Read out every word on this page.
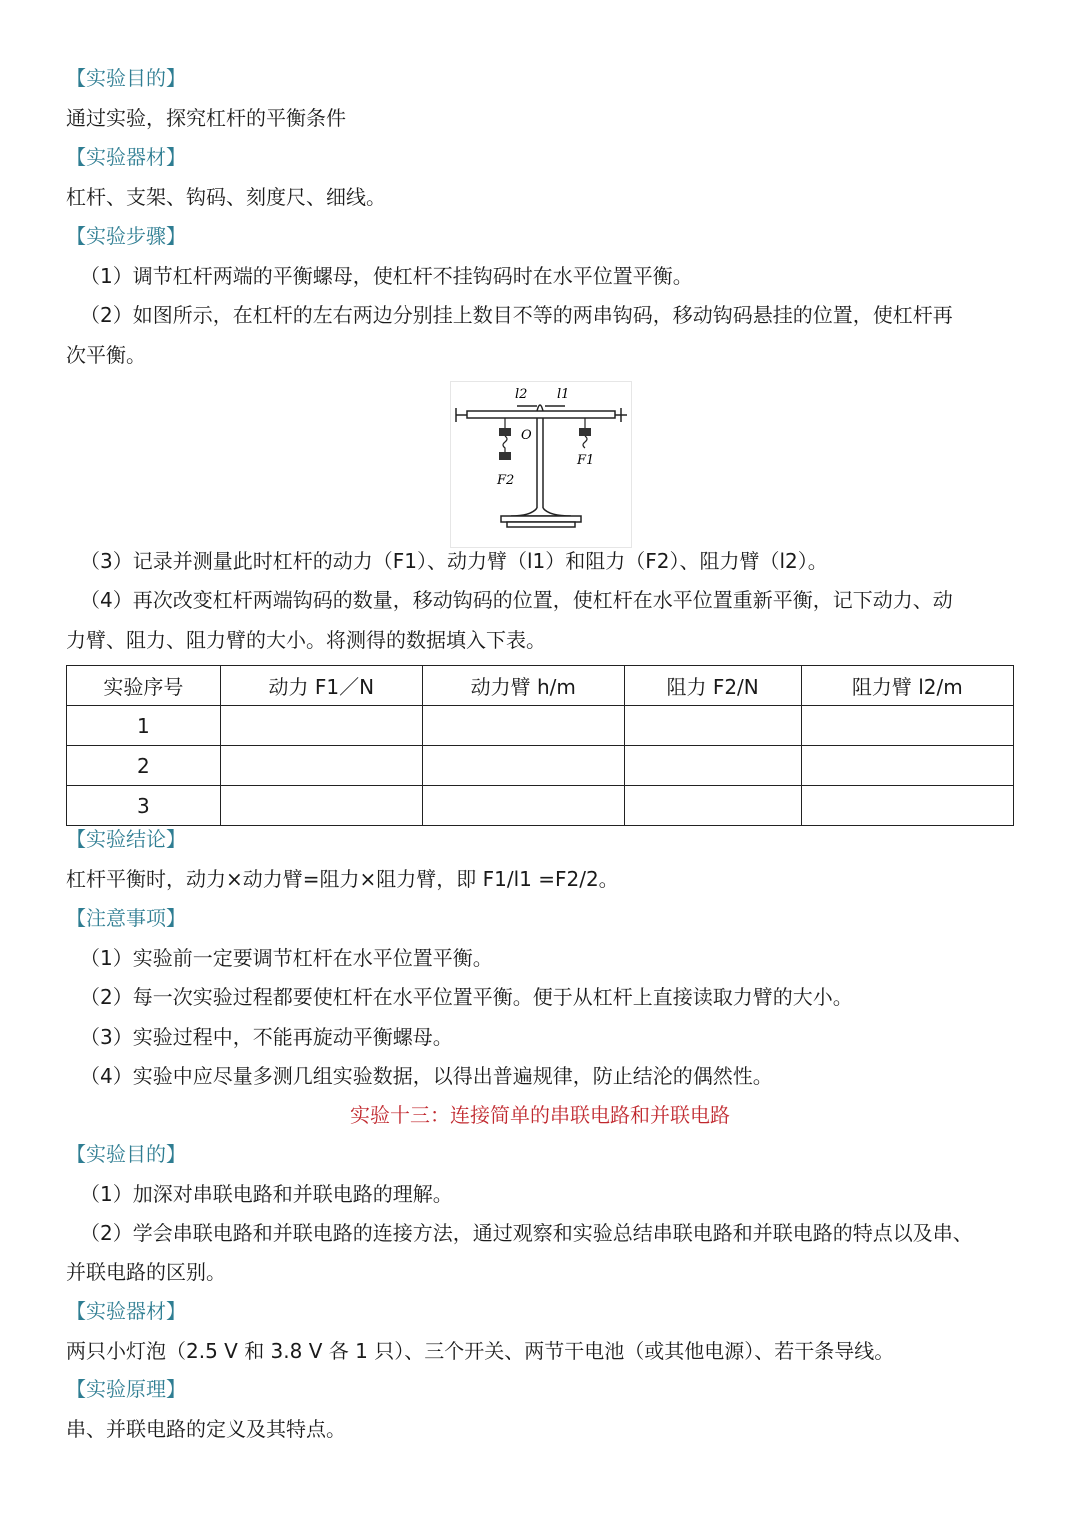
【实验目的】
通过实验，探究杠杆的平衡条件
【实验器材】
杠杆、支架、钩码、刻度尺、细线。
【实验步骤】
（1）调节杠杆两端的平衡螺母，使杠杆不挂钩码时在水平位置平衡。
（2）如图所示，在杠杆的左右两边分别挂上数目不等的两串钩码，移动钩码悬挂的位置，使杠杆再
次平衡。
l2 l1
O
F1
F2
（3）记录并测量此时杠杆的动力（F1）、动力臂（l1）和阻力（F2）、阻力臂（l2）。
（4）再次改变杠杆两端钩码的数量，移动钩码的位置，使杠杆在水平位置重新平衡，记下动力、动
力臂、阻力、阻力臂的大小。将测得的数据填入下表。
实验序号	动力 F1／N	动力臂 h/m	阻力 F2/N	阻力臂 l2/m
1				
2				
3				
【实验结论】
杠杆平衡时，动力×动力臂=阻力×阻力臂，即 F1/l1 =F2/2。
【注意事项】
（1）实验前一定要调节杠杆在水平位置平衡。
（2）每一次实验过程都要使杠杆在水平位置平衡。便于从杠杆上直接读取力臂的大小。
（3）实验过程中，不能再旋动平衡螺母。
（4）实验中应尽量多测几组实验数据，以得出普遍规律，防止结沦的偶然性。
实验十三：连接简单的串联电路和并联电路
【实验目的】
（1）加深对串联电路和并联电路的理解。
（2）学会串联电路和并联电路的连接方法，通过观察和实验总结串联电路和并联电路的特点以及串、
并联电路的区别。
【实验器材】
两只小灯泡（2.5 V 和 3.8 V 各 1 只）、三个开关、两节干电池（或其他电源）、若干条导线。
【实验原理】
串、并联电路的定义及其特点。
